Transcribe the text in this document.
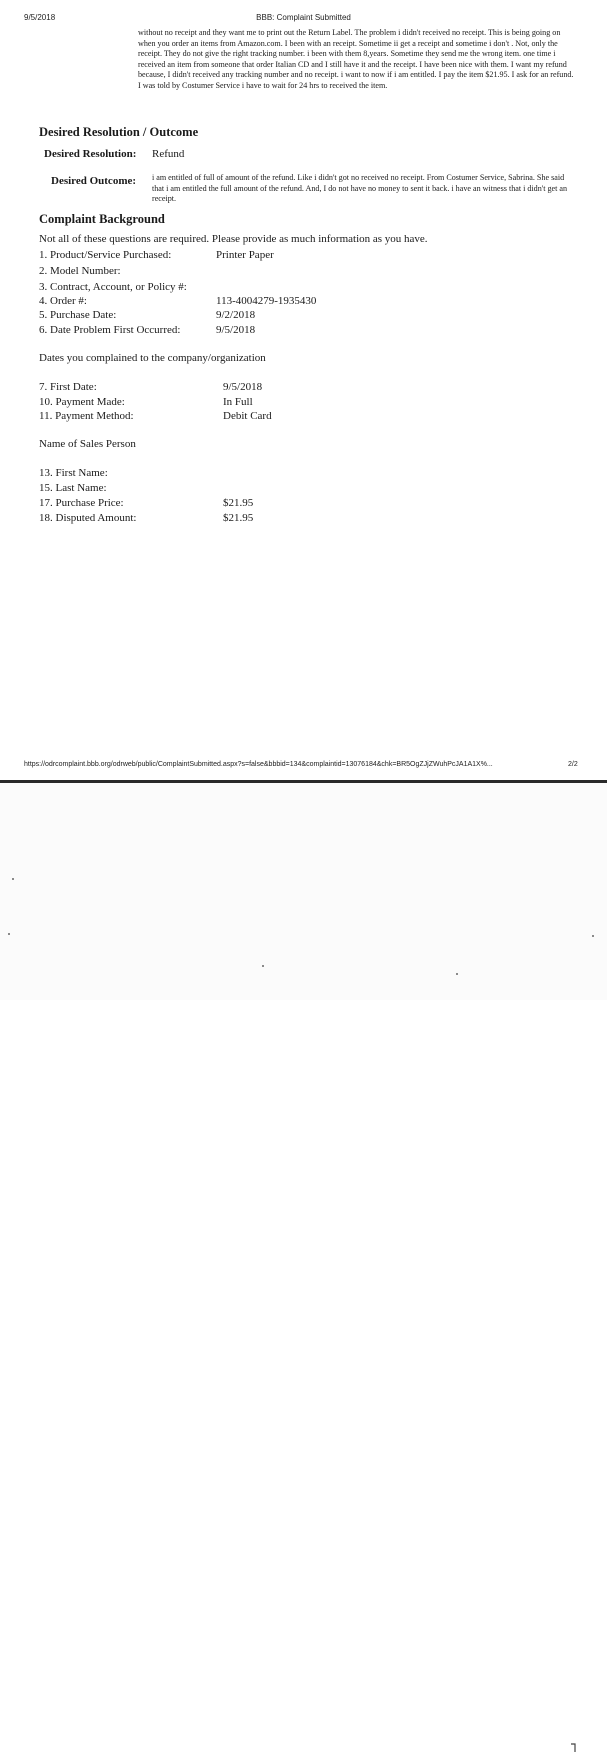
9/5/2018	BBB: Complaint Submitted
without no receipt and they want me to print out the Return Label. The problem i didn't received no receipt. This is being going on when you order an items from Amazon.com. I been with an receipt. Sometime ii get a receipt and sometime i don't . Not, only the receipt. They do not give the right tracking number. i been with them 8,years. Sometime they send me the wrong item. one time i received an item from someone that order Italian CD and I still have it and the receipt. I have been nice with them. I want my refund because, I didn't received any tracking number and no receipt. i want to now if i am entitled. I pay the item $21.95. I ask for an refund. I was told by Costumer Service i have to wait for 24 hrs to received the item.
Desired Resolution / Outcome
Desired Resolution: Refund
Desired Outcome: i am entitled of full of amount of the refund. Like i didn't got no received no receipt. From Costumer Service, Sabrina. She said that i am entitled the full amount of the refund. And, I do not have no money to sent it back. i have an witness that i didn't get an receipt.
Complaint Background
Not all of these questions are required. Please provide as much information as you have.
1. Product/Service Purchased:	Printer Paper
2. Model Number:
3. Contract, Account, or Policy #:
4. Order #:	113-4004279-1935430
5. Purchase Date:	9/2/2018
6. Date Problem First Occurred:	9/5/2018
Dates you complained to the company/organization
7. First Date:	9/5/2018
10. Payment Made:	In Full
11. Payment Method:	Debit Card
Name of Sales Person
13. First Name:
15. Last Name:
17. Purchase Price:	$21.95
18. Disputed Amount:	$21.95
https://odrcomplaint.bbb.org/odrweb/public/ComplaintSubmitted.aspx?s=false&bbbid=134&complaintid=13076184&chk=BR5OgZJjZWuhPcJA1A1X%...	2/2
